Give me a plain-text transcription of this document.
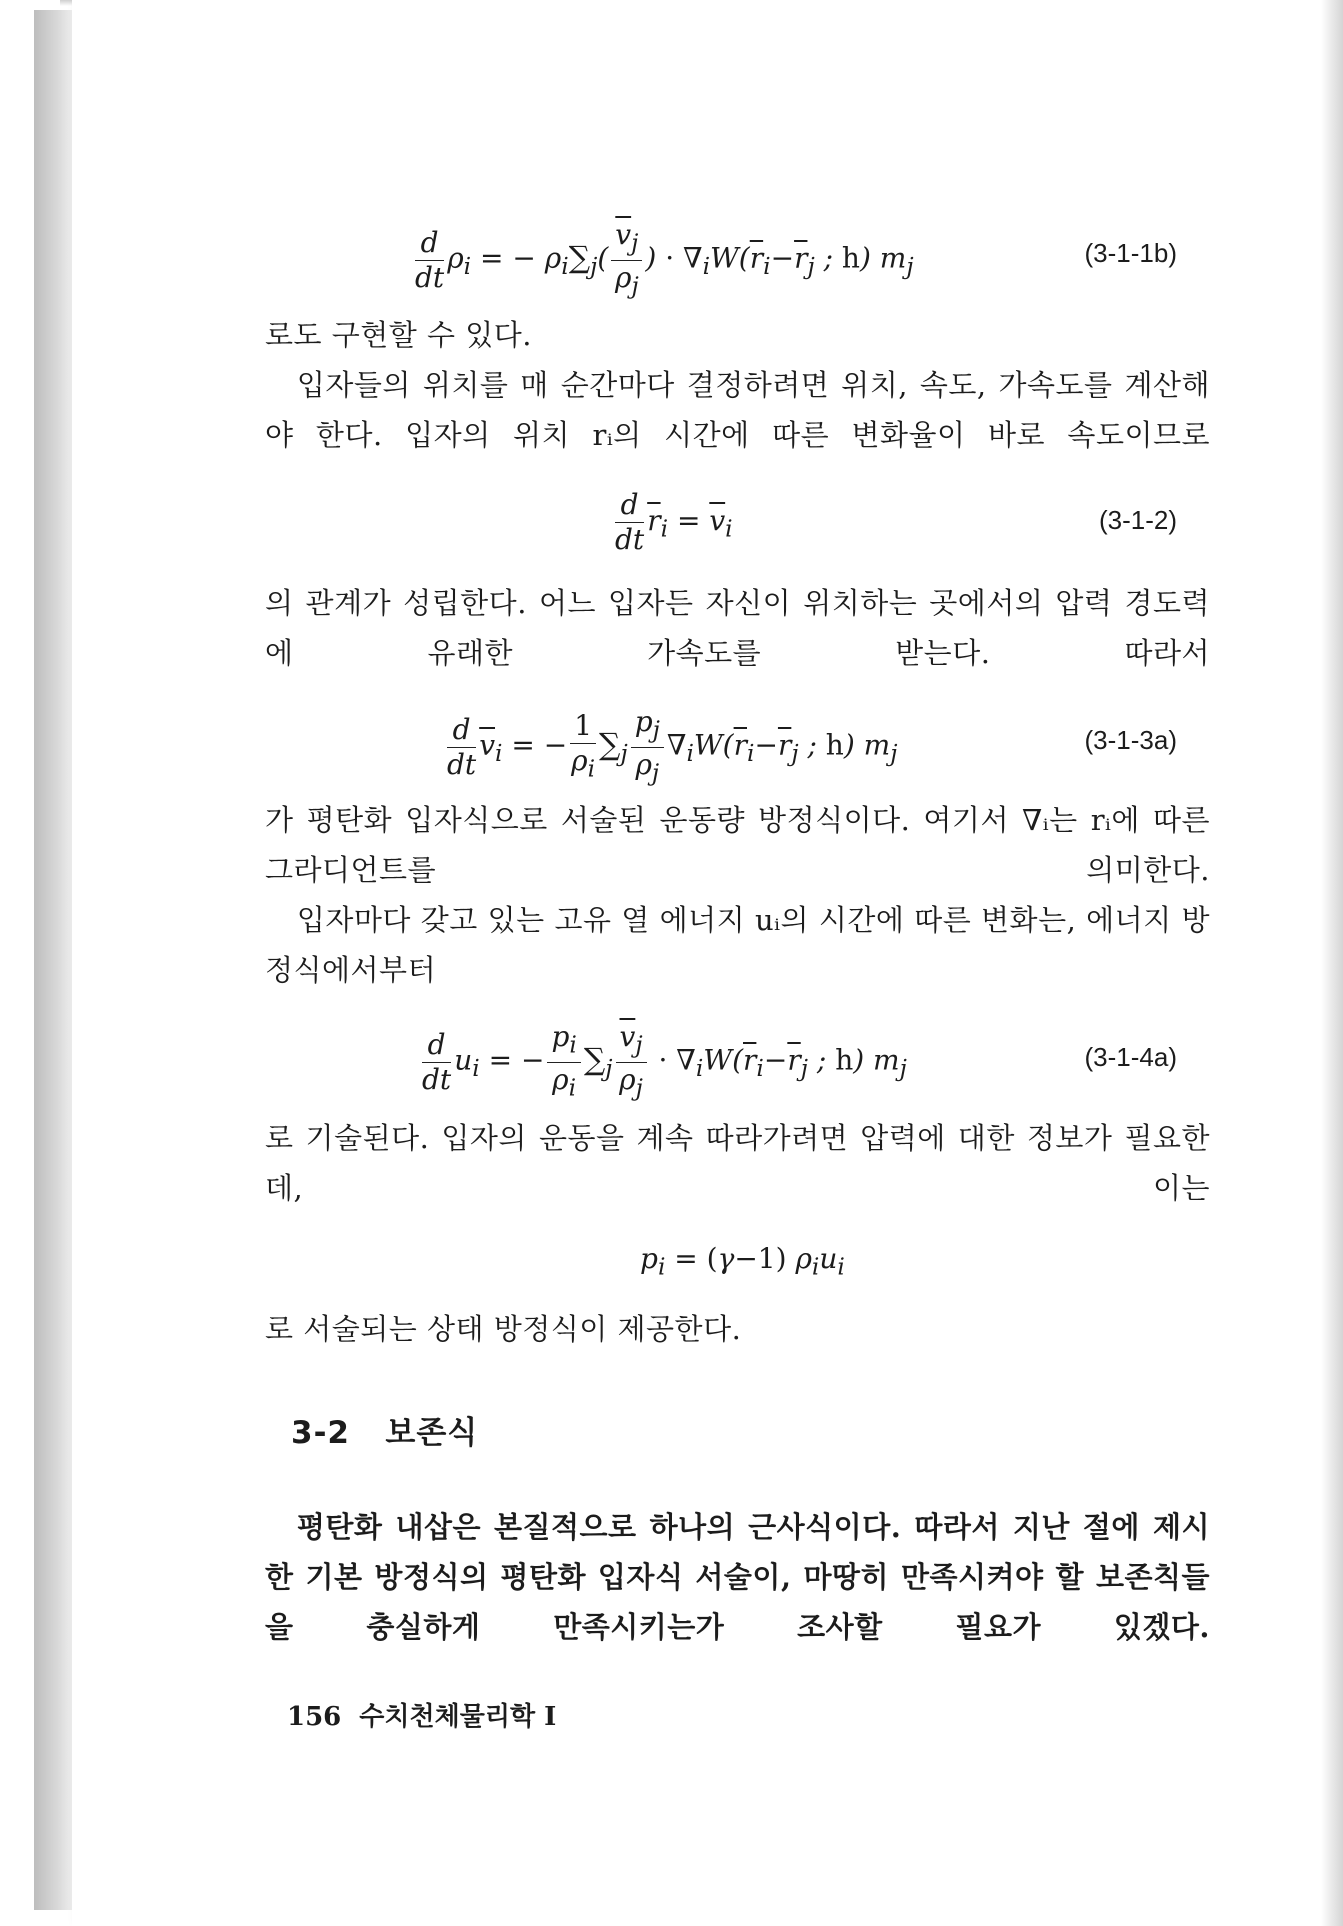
$\frac{d}{dt} \rho_i$ = − $\rho_i\sum_j( \frac{\overline{v}_j}{\rho_j}$ ) · $\nabla_iW(\overline{r}_i-\overline{r}_j$ ; h) $m_j$	(3-1-1b)
로도 구현할 수 있다.

입자들의 위치를 매 순간마다 결정하려면 위치, 속도, 가속도를 계산해야 한다. 입자의 위치 rᵢ의 시간에 따른 변화율이 바로 속도이므로

$\frac{d}{dt} \overline{r}_i = \overline{v}_i$	(3-1-2)

의 관계가 성립한다. 어느 입자든 자신이 위치하는 곳에서의 압력 경도력에 유래한 가속도를 받는다. 따라서

$\frac{d}{dt} \overline{v}_i$ = − $\frac{1}{\rho_i} \sum_j \frac{p_j}{\rho_j} \nabla_iW(\overline{r}_i-\overline{r}_j$ ; h) $m_j$	(3-1-3a)

가 평탄화 입자식으로 서술된 운동량 방정식이다. 여기서 ∇ᵢ는 rᵢ에 따른 그라디언트를 의미한다.

입자마다 갖고 있는 고유 열 에너지 uᵢ의 시간에 따른 변화는, 에너지 방정식에서부터

$\frac{d}{dt} u_i$ = − $\frac{p_i}{\rho_i} \sum_j \frac{\overline{v}_j}{\rho_j} \cdot \nabla_iW(\overline{r}_i-\overline{r}_j$ ; h) $m_j$	(3-1-4a)

로 기술된다. 입자의 운동을 계속 따라가려면 압력에 대한 정보가 필요한데, 이는

$p_i = (\gamma-1)$ $\rho_iu_i$
로 서술되는 상태 방정식이 제공한다.
3-2 보존식

평탄화 내삽은 본질적으로 하나의 근사식이다. 따라서 지난 절에 제시한 기본 방정식의 평탄화 입자식 서술이, 마땅히 만족시켜야 할 보존칙들을 충실하게 만족시키는가 조사할 필요가 있겠다.

156 수치천체물리학 Ⅰ
